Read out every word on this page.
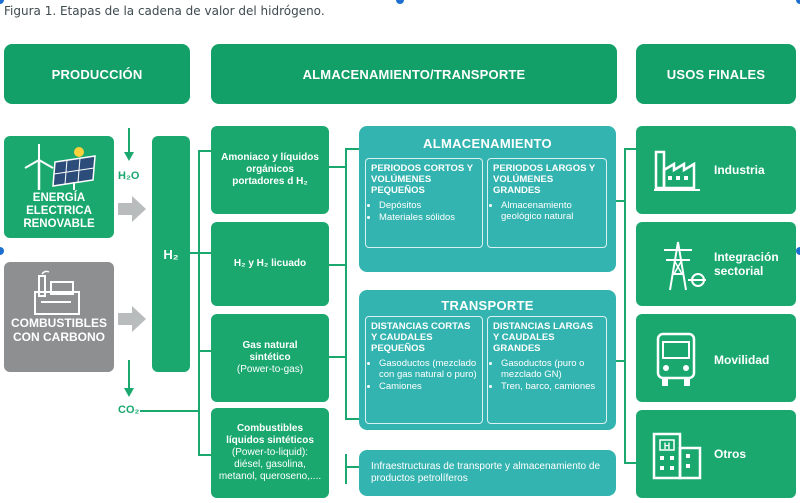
Figura 1. Etapas de la cadena de valor del hidrógeno.
PRODUCCIÓN	ALMACENAMIENTO/TRANSPORTE	USOS FINALES
ENERGÍA ELECTRICA RENOVABLE
COMBUSTIBLES CON CARBONO
H₂O
H₂
CO₂
Amoniaco y líquidos orgánicos portadores d H₂
H₂ y H₂ licuado
Gas natural sintético
(Power-to-gas)
Combustibles líquidos sintéticos
(Power-to-liquid): diésel, gasolina, metanol, queroseno,....
ALMACENAMIENTO
PERIODOS CORTOS Y VOLÚMENES PEQUEÑOS
• Depósitos
• Materiales sólidos
PERIODOS LARGOS Y VOLÚMENES GRANDES
• Almacenamiento geológico natural
TRANSPORTE
DISTANCIAS CORTAS Y CAUDALES PEQUEÑOS
• Gasoductos (mezclado con gas natural o puro)
• Camiones
DISTANCIAS LARGAS Y CAUDALES GRANDES
• Gasoductos (puro o mezclado GN)
• Tren, barco, camiones
Infraestructuras de transporte y almacenamiento de productos petrolíferos
Industria
Integración sectorial
Movilidad
H
Otros
